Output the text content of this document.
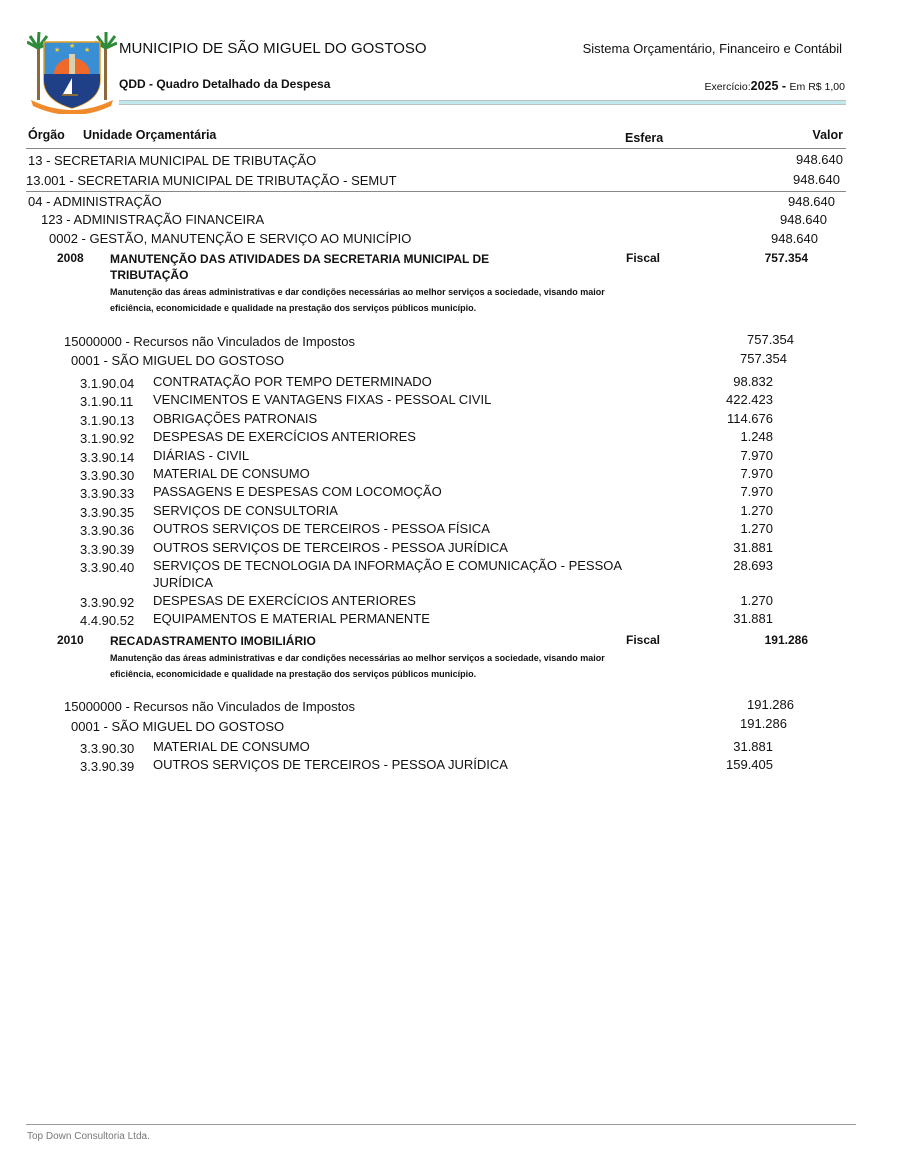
★
★
★ MUNICIPIO DE SÃO MIGUEL DO GOSTOSO	Sistema Orçamentário, Financeiro e Contábil
QDD - Quadro Detalhado da Despesa	Exercício:2025 - Em R$ 1,00
Órgão Unidade Orçamentária	Esfera	Valor
13 - SECRETARIA MUNICIPAL DE TRIBUTAÇÃO	948.640
13.001 - SECRETARIA MUNICIPAL DE TRIBUTAÇÃO - SEMUT	948.640
04 - ADMINISTRAÇÃO	948.640
123 - ADMINISTRAÇÃO FINANCEIRA	948.640
0002 - GESTÃO, MANUTENÇÃO E SERVIÇO AO MUNICÍPIO	948.640
2008 MANUTENÇÃO DAS ATIVIDADES DA SECRETARIA MUNICIPAL DE
TRIBUTAÇÃO
Fiscal	757.354
Manutenção das áreas administrativas e dar condições necessárias ao melhor serviços a sociedade, visando maior eficiência, economicidade e qualidade na prestação dos serviços públicos município.
15000000 - Recursos não Vinculados de Impostos	757.354
0001 - SÃO MIGUEL DO GOSTOSO	757.354
3.1.90.04 CONTRATAÇÃO POR TEMPO DETERMINADO	98.832
3.1.90.11 VENCIMENTOS E VANTAGENS FIXAS - PESSOAL CIVIL	422.423
3.1.90.13 OBRIGAÇÕES PATRONAIS	114.676
3.1.90.92 DESPESAS DE EXERCÍCIOS ANTERIORES	1.248
3.3.90.14 DIÁRIAS - CIVIL	7.970
3.3.90.30 MATERIAL DE CONSUMO	7.970
3.3.90.33 PASSAGENS E DESPESAS COM LOCOMOÇÃO	7.970
3.3.90.35 SERVIÇOS DE CONSULTORIA	1.270
3.3.90.36 OUTROS SERVIÇOS DE TERCEIROS - PESSOA FÍSICA	1.270
3.3.90.39 OUTROS SERVIÇOS DE TERCEIROS - PESSOA JURÍDICA	31.881
3.3.90.40 SERVIÇOS DE TECNOLOGIA DA INFORMAÇÃO E COMUNICAÇÃO - PESSOA	28.693
JURÍDICA
3.3.90.92 DESPESAS DE EXERCÍCIOS ANTERIORES	1.270
4.4.90.52 EQUIPAMENTOS E MATERIAL PERMANENTE	31.881
2010 RECADASTRAMENTO IMOBILIÁRIO	Fiscal	191.286
Manutenção das áreas administrativas e dar condições necessárias ao melhor serviços a sociedade, visando maior eficiência, economicidade e qualidade na prestação dos serviços públicos município.
15000000 - Recursos não Vinculados de Impostos	191.286
0001 - SÃO MIGUEL DO GOSTOSO	191.286
3.3.90.30 MATERIAL DE CONSUMO	31.881
3.3.90.39 OUTROS SERVIÇOS DE TERCEIROS - PESSOA JURÍDICA	159.405
Top Down Consultoria Ltda.
